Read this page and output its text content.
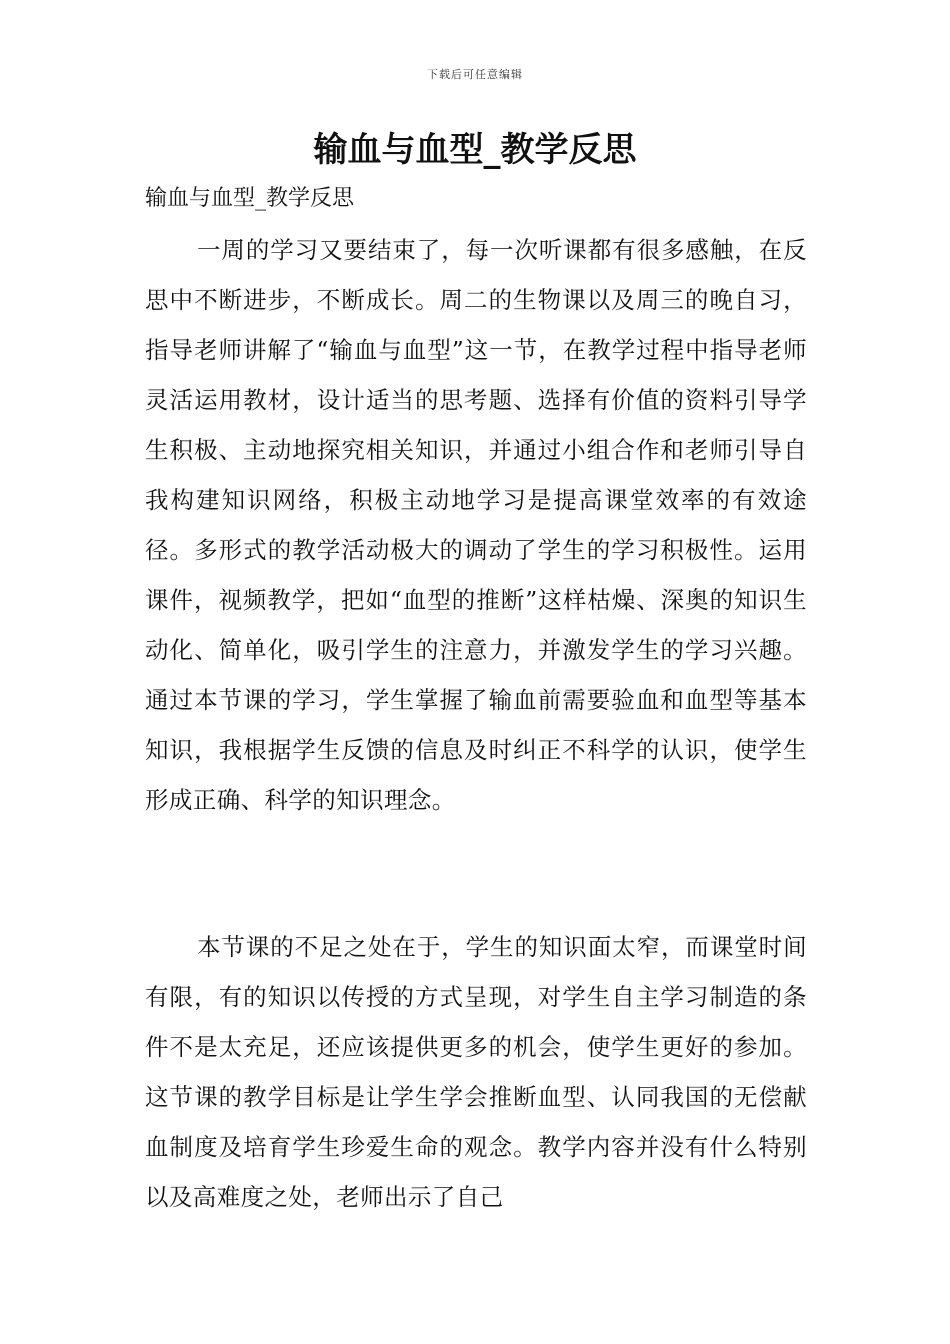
下载后可任意编辑
输血与血型_教学反思
输血与血型_教学反思

一周的学习又要结束了，每一次听课都有很多感触，在反思中不断进步，不断成长。周二的生物课以及周三的晚自习，指导老师讲解了“输血与血型”这一节，在教学过程中指导老师灵活运用教材，设计适当的思考题、选择有价值的资料引导学生积极、主动地探究相关知识，并通过小组合作和老师引导自我构建知识网络，积极主动地学习是提高课堂效率的有效途径。多形式的教学活动极大的调动了学生的学习积极性。运用课件，视频教学，把如“血型的推断”这样枯燥、深奥的知识生动化、简单化，吸引学生的注意力，并激发学生的学习兴趣。通过本节课的学习，学生掌握了输血前需要验血和血型等基本知识，我根据学生反馈的信息及时纠正不科学的认识，使学生形成正确、科学的知识理念。

本节课的不足之处在于，学生的知识面太窄，而课堂时间有限，有的知识以传授的方式呈现，对学生自主学习制造的条件不是太充足，还应该提供更多的机会，使学生更好的参加。这节课的教学目标是让学生学会推断血型、认同我国的无偿献血制度及培育学生珍爱生命的观念。教学内容并没有什么特别以及高难度之处，老师出示了自己
